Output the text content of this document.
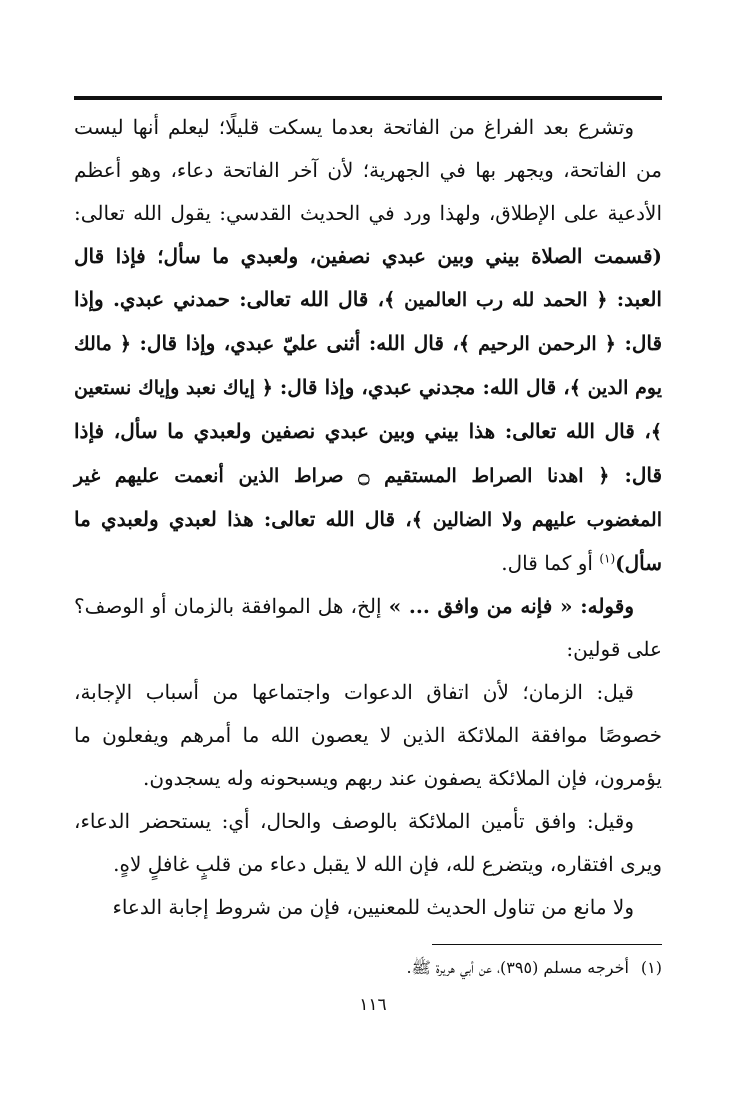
وتشرع بعد الفراغ من الفاتحة بعدما يسكت قليلًا؛ ليعلم أنها ليست من الفاتحة، ويجهر بها في الجهرية؛ لأن آخر الفاتحة دعاء، وهو أعظم الأدعية على الإطلاق، ولهذا ورد في الحديث القدسي: يقول الله تعالى: (قسمت الصلاة بيني وبين عبدي نصفين، ولعبدي ما سأل؛ فإذا قال العبد: ﴿ الحمد لله رب العالمين ﴾، قال الله تعالى: حمدني عبدي. وإذا قال: ﴿ الرحمن الرحيم ﴾، قال الله: أثنى عليّ عبدي، وإذا قال: ﴿ مالك يوم الدين ﴾، قال الله: مجدني عبدي، وإذا قال: ﴿ إياك نعبد وإياك نستعين ﴾، قال الله تعالى: هذا بيني وبين عبدي نصفين ولعبدي ما سأل، فإذا قال: ﴿ اهدنا الصراط المستقيم ۝ صراط الذين أنعمت عليهم غير المغضوب عليهم ولا الضالين ﴾، قال الله تعالى: هذا لعبدي ولعبدي ما سأل)$^{(١)}$ أو كما قال.

وقوله: « فإنه من وافق ... » إلخ، هل الموافقة بالزمان أو الوصف؟ على قولين:

قيل: الزمان؛ لأن اتفاق الدعوات واجتماعها من أسباب الإجابة، خصوصًا موافقة الملائكة الذين لا يعصون الله ما أمرهم ويفعلون ما يؤمرون، فإن الملائكة يصفون عند ربهم ويسبحونه وله يسجدون.

وقيل: وافق تأمين الملائكة بالوصف والحال، أي: يستحضر الدعاء، ويرى افتقاره، ويتضرع لله، فإن الله لا يقبل دعاء من قلبٍ غافلٍ لاهٍ.

ولا مانع من تناول الحديث للمعنيين، فإن من شروط إجابة الدعاء

(١)أخرجه مسلم (٣٩٥)، عن أبي هريرة ﷺ.
١١٦
